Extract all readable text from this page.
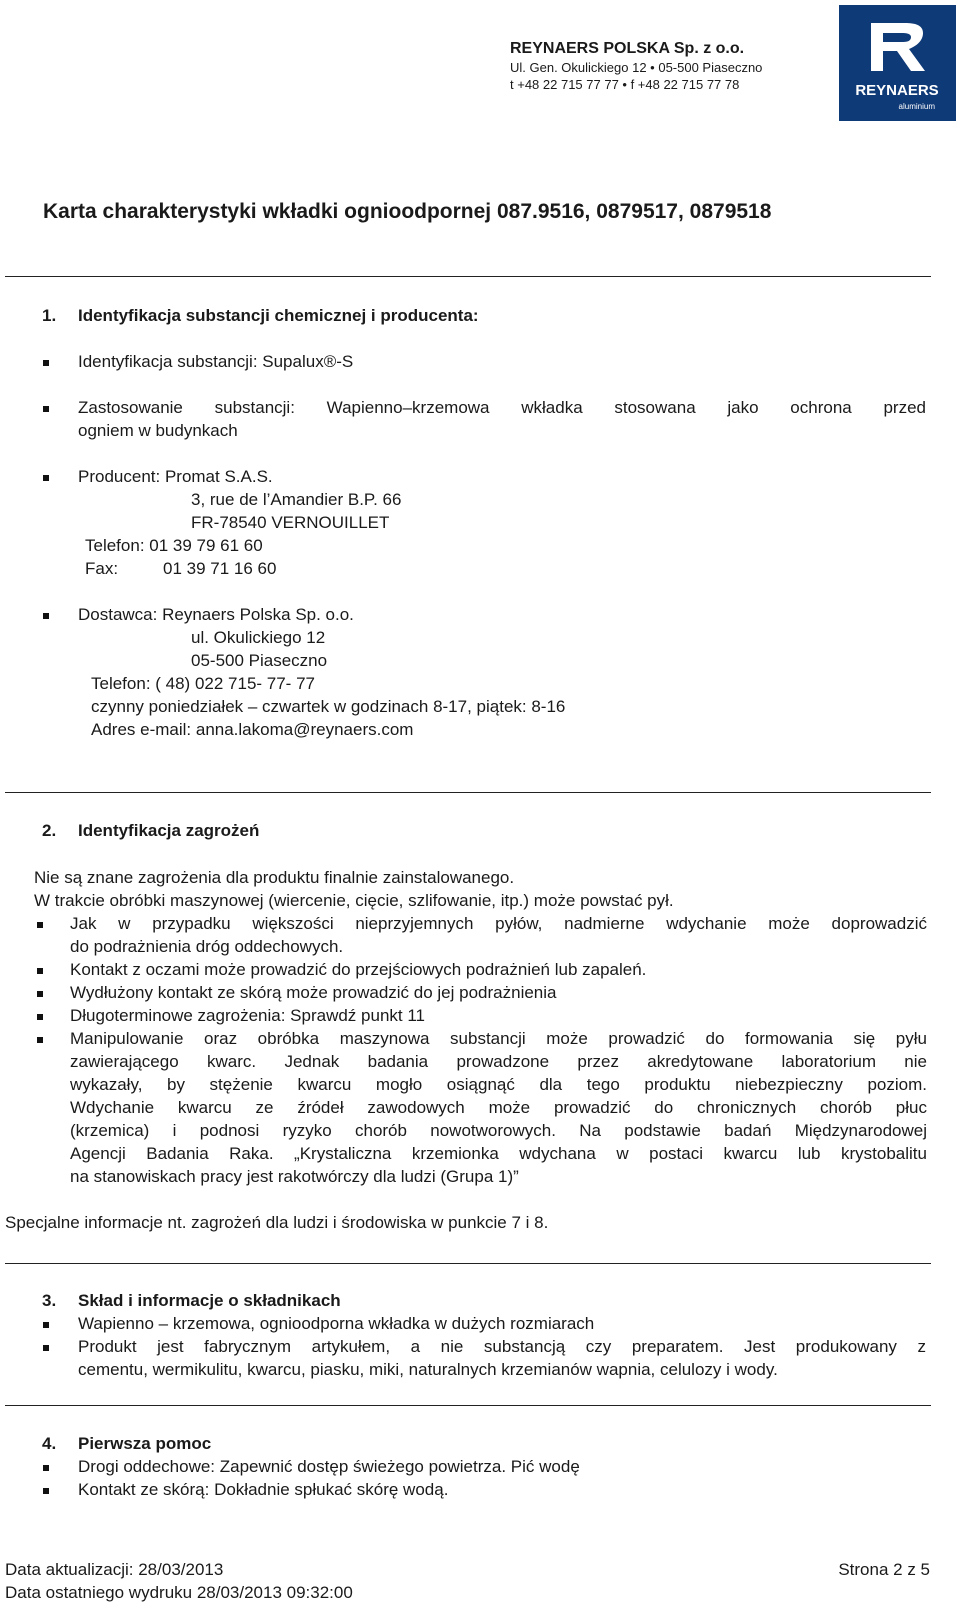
REYNAERS POLSKA Sp. z o.o.
Ul. Gen. Okulickiego 12 • 05-500 Piaseczno
t +48 22 715 77 77 • f +48 22 715 77 78	REYNAERS
aluminium
Karta charakterystyki wkładki ognioodpornej 087.9516, 0879517, 0879518
1. Identyfikacja substancji chemicznej i producenta:
Identyfikacja substancji: Supalux®-S
Zastosowanie substancji: Wapienno–krzemowa wkładka stosowana jako ochrona przed
ogniem w budynkach
Producent: Promat S.A.S.
3, rue de l’Amandier B.P. 66
FR-78540 VERNOUILLET
Telefon: 01 39 79 61 60
Fax:	01 39 71 16 60
Dostawca: Reynaers Polska Sp. o.o.
ul. Okulickiego 12
05-500 Piaseczno
Telefon: ( 48) 022 715- 77- 77
czynny poniedziałek – czwartek w godzinach 8-17, piątek: 8-16
Adres e-mail: anna.lakoma@reynaers.com
2. Identyfikacja zagrożeń
Nie są znane zagrożenia dla produktu finalnie zainstalowanego.
W trakcie obróbki maszynowej (wiercenie, cięcie, szlifowanie, itp.) może powstać pył.
Jak w przypadku większości nieprzyjemnych pyłów, nadmierne wdychanie może doprowadzić
do podrażnienia dróg oddechowych.
Kontakt z oczami może prowadzić do przejściowych podrażnień lub zapaleń.
Wydłużony kontakt ze skórą może prowadzić do jej podrażnienia
Długoterminowe zagrożenia: Sprawdź punkt 11
Manipulowanie oraz obróbka maszynowa substancji może prowadzić do formowania się pyłu
zawierającego kwarc. Jednak badania prowadzone przez akredytowane laboratorium nie
wykazały, by stężenie kwarcu mogło osiągnąć dla tego produktu niebezpieczny poziom.
Wdychanie kwarcu ze źródeł zawodowych może prowadzić do chronicznych chorób płuc
(krzemica) i podnosi ryzyko chorób nowotworowych. Na podstawie badań Międzynarodowej
Agencji Badania Raka. „Krystaliczna krzemionka wdychana w postaci kwarcu lub krystobalitu
na stanowiskach pracy jest rakotwórczy dla ludzi (Grupa 1)”
Specjalne informacje nt. zagrożeń dla ludzi i środowiska w punkcie 7 i 8.
3. Skład i informacje o składnikach
Wapienno – krzemowa, ognioodporna wkładka w dużych rozmiarach
Produkt jest fabrycznym artykułem, a nie substancją czy preparatem. Jest produkowany z
cementu, wermikulitu, kwarcu, piasku, miki, naturalnych krzemianów wapnia, celulozy i wody.
4. Pierwsza pomoc
Drogi oddechowe: Zapewnić dostęp świeżego powietrza. Pić wodę
Kontakt ze skórą: Dokładnie spłukać skórę wodą.
Data aktualizacji: 28/03/2013	Strona 2 z 5
Data ostatniego wydruku 28/03/2013 09:32:00
